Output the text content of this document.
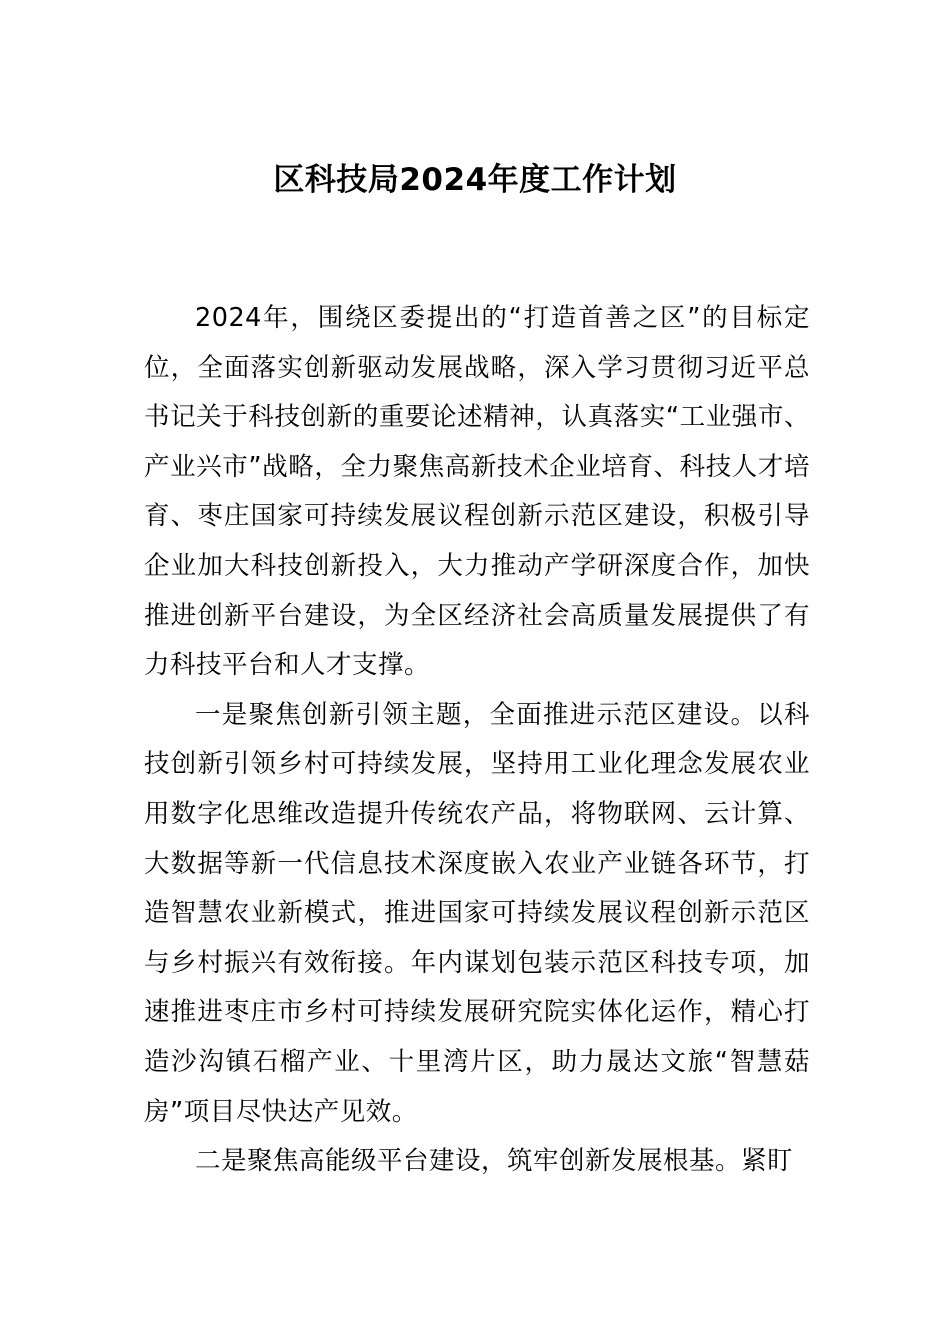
区科技局2024年度工作计划

2024年，围绕区委提出的“打造首善之区”的目标定位，全面落实创新驱动发展战略，深入学习贯彻习近平总书记关于科技创新的重要论述精神，认真落实“工业强市、产业兴市”战略，全力聚焦高新技术企业培育、科技人才培育、枣庄国家可持续发展议程创新示范区建设，积极引导企业加大科技创新投入，大力推动产学研深度合作，加快推进创新平台建设，为全区经济社会高质量发展提供了有力科技平台和人才支撑。

一是聚焦创新引领主题，全面推进示范区建设。以科技创新引领乡村可持续发展，坚持用工业化理念发展农业用数字化思维改造提升传统农产品，将物联网、云计算、大数据等新一代信息技术深度嵌入农业产业链各环节，打造智慧农业新模式，推进国家可持续发展议程创新示范区与乡村振兴有效衔接。年内谋划包装示范区科技专项，加速推进枣庄市乡村可持续发展研究院实体化运作，精心打造沙沟镇石榴产业、十里湾片区，助力晟达文旅“智慧菇房”项目尽快达产见效。

二是聚焦高能级平台建设，筑牢创新发展根基。紧盯
